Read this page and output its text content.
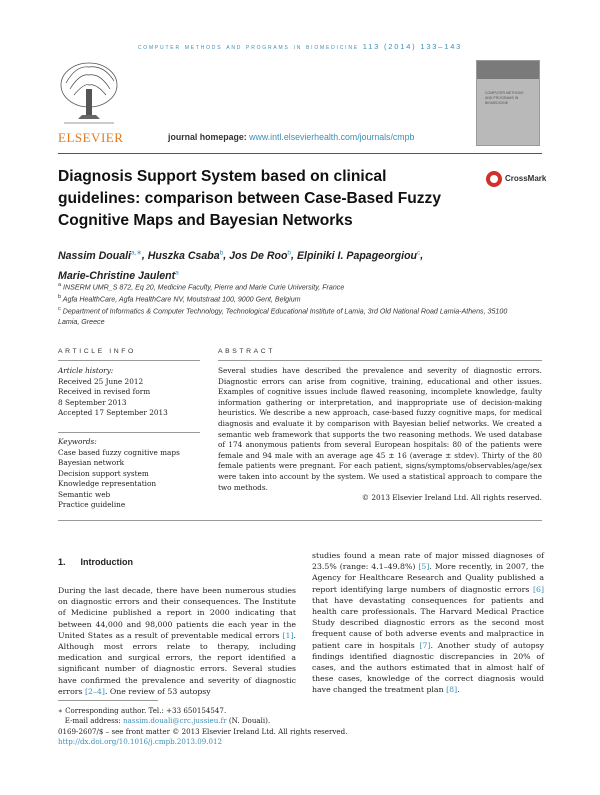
computer methods and programs in biomedicine 113 (2014) 133–143
ELSEVIER
COMPUTER METHODS AND PROGRAMS IN BIOMEDICINE
journal homepage: www.intl.elsevierhealth.com/journals/cmpb
Diagnosis Support System based on clinical guidelines: comparison between Case-Based Fuzzy Cognitive Maps and Bayesian Networks
CrossMark
Nassim Douali$^{a,∗}$, Huszka Csaba$^b$, Jos De Roo$^b$, Elpiniki I. Papageorgiou$^c$,
Marie-Christine Jaulent$^a$
$^a$ INSERM UMR_S 872, Eq 20, Medicine Faculty, Pierre and Marie Curie University, France
$^b$ Agfa HealthCare, Agfa HealthCare NV, Moutstraat 100, 9000 Gent, Belgium
$^c$ Department of Informatics & Computer Technology, Technological Educational Institute of Lamia, 3rd Old National Road Lamia-Athens, 35100 Lamia, Greece
ARTICLE INFO
Article history:
Received 25 June 2012
Received in revised form
8 September 2013
Accepted 17 September 2013
Keywords:
Case based fuzzy cognitive maps
Bayesian network
Decision support system
Knowledge representation
Semantic web
Practice guideline
ABSTRACT
Several studies have described the prevalence and severity of diagnostic errors. Diagnostic errors can arise from cognitive, training, educational and other issues. Examples of cognitive issues include flawed reasoning, incomplete knowledge, faulty information gathering or interpretation, and inappropriate use of decision-making heuristics. We describe a new approach, case-based fuzzy cognitive maps, for medical diagnosis and evaluate it by comparison with Bayesian belief networks. We created a semantic web framework that supports the two reasoning methods. We used database of 174 anonymous patients from several European hospitals: 80 of the patients were female and 94 male with an average age 45 ± 16 (average ± stdev). Thirty of the 80 female patients were pregnant. For each patient, signs/symptoms/observables/age/sex were taken into account by the system. We used a statistical approach to compare the two methods.
© 2013 Elsevier Ireland Ltd. All rights reserved.
1. Introduction
During the last decade, there have been numerous studies on diagnostic errors and their consequences. The Institute of Medicine published a report in 2000 indicating that between 44,000 and 98,000 patients die each year in the United States as a result of preventable medical errors [1]. Although most errors relate to therapy, including medication and surgical errors, the report identified a significant number of diagnostic errors. Several studies have confirmed the prevalence and severity of diagnostic errors [2–4]. One review of 53 autopsy
studies found a mean rate of major missed diagnoses of 23.5% (range: 4.1–49.8%) [5]. More recently, in 2007, the Agency for Healthcare Research and Quality published a report identifying large numbers of diagnostic errors [6] that have devastating consequences for patients and health care professionals. The Harvard Medical Practice Study described diagnostic errors as the second most frequent cause of both adverse events and malpractice in patient care in hospitals [7]. Another study of autopsy findings identified diagnostic discrepancies in 20% of cases, and the authors estimated that in almost half of these cases, knowledge of the correct diagnosis would have changed the treatment plan [8].
∗ Corresponding author. Tel.: +33 650154547.
E-mail address: nassim.douali@crc.jussieu.fr (N. Douali).
0169-2607/$ – see front matter © 2013 Elsevier Ireland Ltd. All rights reserved.
http://dx.doi.org/10.1016/j.cmpb.2013.09.012
